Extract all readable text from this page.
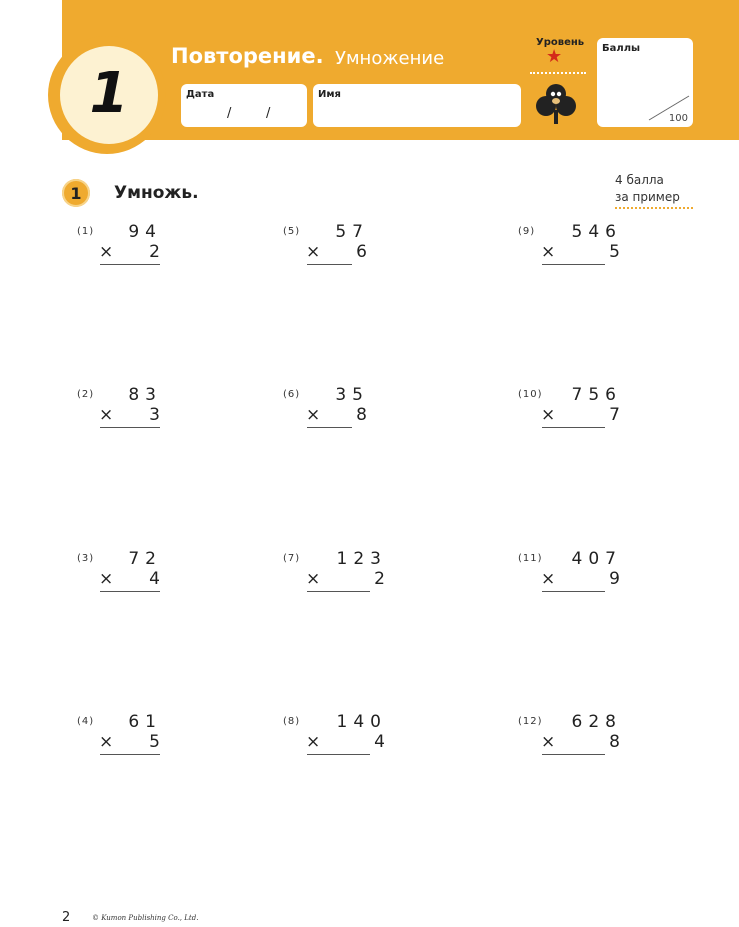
1
Повторение. Умножение
Дата
/	/
Имя
Уровень
★	Баллы
100
1	Умножь.
4 балла
за пример
(1) 94
× 2
(2) 83
× 3
(3) 72
× 4
(4) 61
× 5
(5) 57
× 6
(6) 35
× 8
(7) 123
×	2
(8) 140
×	4
(9) 546
×	5
(10) 756
×	7
(11) 407
×	9
(12) 628
×	8
2	© Kumon Publishing Co., Ltd.
